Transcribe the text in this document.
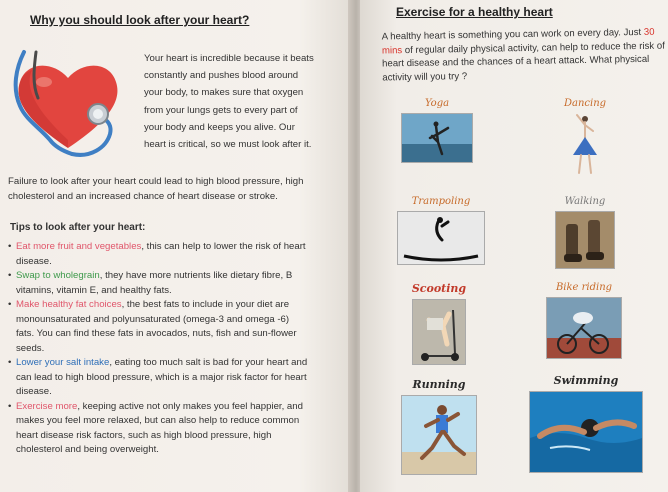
Why you should look after your heart?
Your heart is incredible because it beats constantly and pushes blood around your body, to makes sure that oxygen from your lungs gets to every part of your body and keeps you alive. Our heart is critical, so we must look after it.
Failure to look after your heart could lead to high blood pressure, high cholesterol and an increased chance of heart disease or stroke.
Tips to look after your heart:
• Eat more fruit and vegetables, this can help to lower the risk of heart disease.
• Swap to wholegrain, they have more nutrients like dietary fibre, B vitamins, vitamin E, and healthy fats.
• Make healthy fat choices, the best fats to include in your diet are monounsaturated and polyunsaturated (omega-3 and omega -6) fats. You can find these fats in avocados, nuts, fish and sun-flower seeds.
• Lower your salt intake, eating too much salt is bad for your heart and can lead to high blood pressure, which is a major risk factor for heart disease.
• Exercise more, keeping active not only makes you feel happier, and makes you feel more relaxed, but can also help to reduce common heart disease risk factors, such as high blood pressure, high cholesterol and being overweight.
Exercise for a healthy heart
A healthy heart is something you can work on every day. Just 30 mins of regular daily physical activity, can help to reduce the risk of heart disease and the chances of a heart attack. What physical activity will you try ?
Yoga	Dancing
Trampoling	Walking
Scooting	Bike riding
Running	Swimming
